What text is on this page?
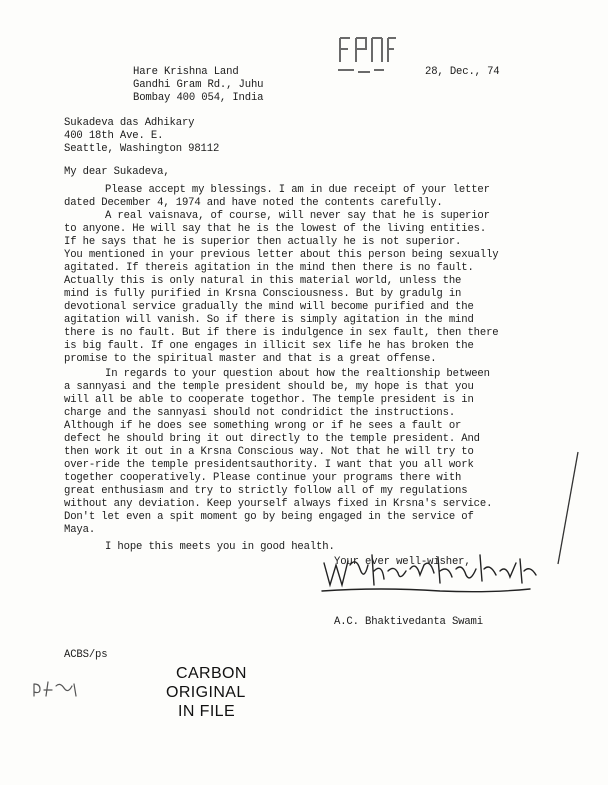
Hare Krishna Land
Gandhi Gram Rd., Juhu
Bombay 400 054, India
28, Dec., 74
Sukadeva das Adhikary
400 18th Ave. E.
Seattle, Washington 98112
My dear Sukadeva,
Please accept my blessings. I am in due receipt of your letter
dated December 4, 1974 and have noted the contents carefully.
A real vaisnava, of course, will never say that he is superior
to anyone. He will say that he is the lowest of the living entities.
If he says that he is superior then actually he is not superior.
You mentioned in your previous letter about this person being sexually
agitated. If thereis agitation in the mind then there is no fault.
Actually this is only natural in this material world, unless the
mind is fully purified in Krsna Consciousness. But by gradulg in
devotional service gradually the mind will become purified and the
agitation will vanish. So if there is simply agitation in the mind
there is no fault. But if there is indulgence in sex fault, then there
is big fault. If one engages in illicit sex life he has broken the
promise to the spiritual master and that is a great offense.
In regards to your question about how the realtionship between
a sannyasi and the temple president should be, my hope is that you
will all be able to cooperate togethor. The temple president is in
charge and the sannyasi should not condridict the instructions.
Although if he does see something wrong or if he sees a fault or
defect he should bring it out directly to the temple president. And
then work it out in a Krsna Conscious way. Not that he will try to
over-ride the temple presidentsauthority. I want that you all work
together cooperatively. Please continue your programs there with
great enthusiasm and try to strictly follow all of my regulations
without any deviation. Keep yourself always fixed in Krsna's service.
Don't let even a spit moment go by being engaged in the service of
Maya.
I hope this meets you in good health.
Your ever well-wisher,
A.C. Bhaktivedanta Swami
ACBS/ps
CARBON
ORIGINAL
IN FILE
